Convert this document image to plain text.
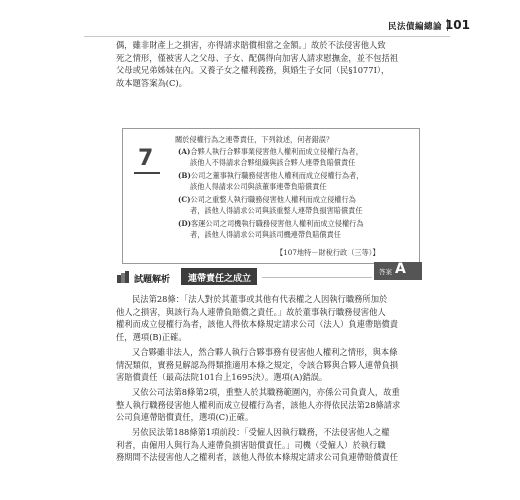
民法債編總論 101

偶，雖非財產上之損害，亦得請求賠償相當之金額。」故於不法侵害他人致
死之情形，僅被害人之父母、子女、配偶得向加害人請求慰撫金，並不包括祖
父母或兄弟姊妹在內。又養子女之權利義務，與婚生子女同（民§1077Ⅰ），
故本題答案為(C)。

7

關於侵權行為之連帶責任，下列敘述，何者錯誤？

(A)合夥人執行合夥事業侵害他人權利而成立侵權行為者，
該他人不得請求合夥組織與該合夥人連帶負賠償責任
(B)公司之董事執行職務侵害他人權利而成立侵權行為者，
該他人得請求公司與該董事連帶負賠償責任
(C)公司之重整人執行職務侵害他人權利而成立侵權行為
者，該他人得請求公司與該重整人連帶負損害賠償責任
(D)客運公司之司機執行職務侵害他人權利而成立侵權行為
者，該他人得請求公司與該司機連帶負賠償責任
【107地特－財稅行政（三等）】
答案 A
試題解析 連帶責任之成立

民法第28條：「法人對於其董事或其他有代表權之人因執行職務所加於
他人之損害，與該行為人連帶負賠償之責任。」故於董事執行職務侵害他人
權利而成立侵權行為者，該他人得依本條規定請求公司（法人）負連帶賠償責
任，選項(B)正確。

又合夥雖非法人，然合夥人執行合夥事務有侵害他人權利之情形，與本條
情況類似，實務見解認為得類推適用本條之規定，令該合夥與合夥人連帶負損
害賠償責任（最高法院101台上1695決）。選項(A)錯誤。

又依公司法第8條第2項，重整人於其職務範圍內，亦係公司負責人，故重
整人執行職務侵害他人權利而成立侵權行為者，該他人亦得依民法第28條請求
公司負連帶賠償責任，選項(C)正確。

另依民法第188條第1項前段：「受僱人因執行職務，不法侵害他人之權
利者，由僱用人與行為人連帶負損害賠償責任。」司機（受僱人）於執行職
務期間不法侵害他人之權利者，該他人得依本條規定請求公司負連帶賠償責任
